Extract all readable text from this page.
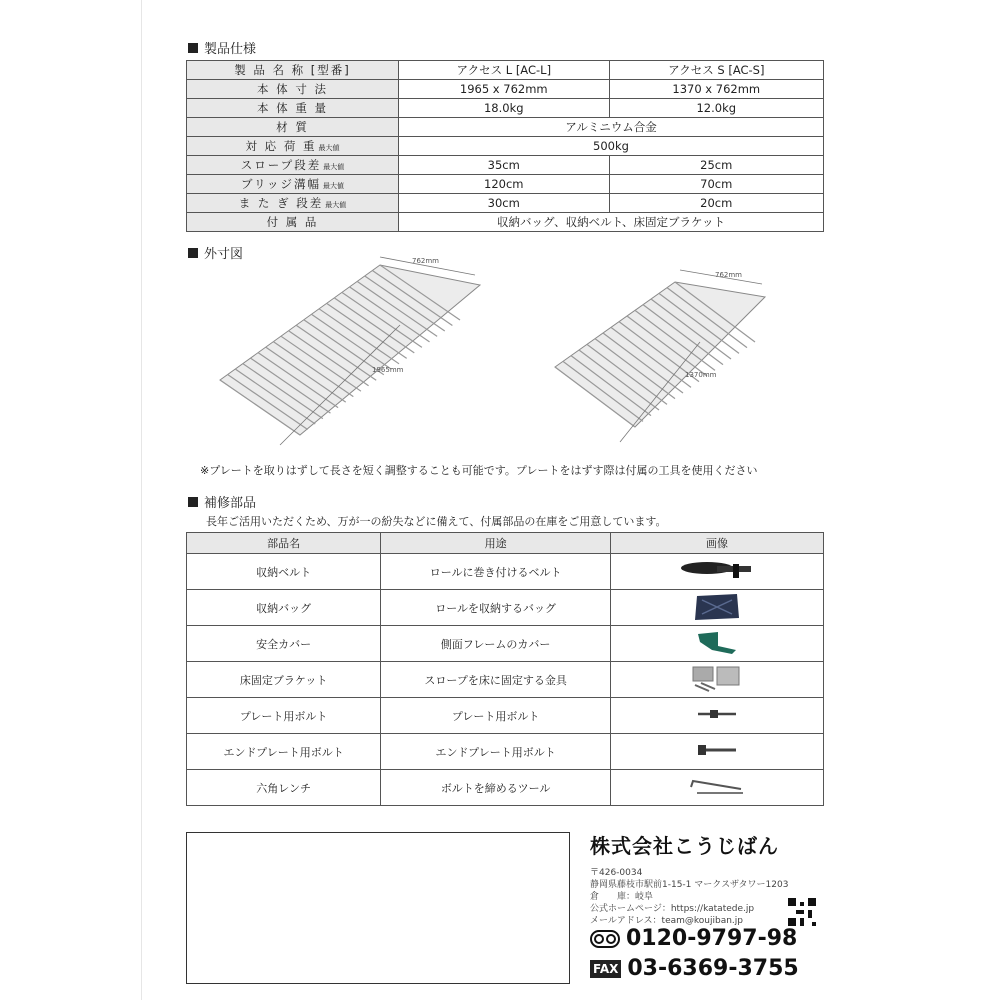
製品仕様
製 品 名 称 [型番]	アクセス L [AC-L]	アクセス S [AC-S]
本 体 寸 法	1965 x 762mm	1370 x 762mm
本 体 重 量	18.0kg	12.0kg
材 質	アルミニウム合金	
対 応 荷 重 最大値	500kg	
スロープ段差 最大値	35cm	25cm
ブリッジ溝幅 最大値	120cm	70cm
ま た ぎ 段差 最大値	30cm	20cm
付 属 品	収納バッグ、収納ベルト、床固定ブラケット	
外寸図	762mm
1965mm
762mm
1370mm
※プレートを取りはずして長さを短く調整することも可能です。プレートをはずす際は付属の工具を使用ください
補修部品
長年ご活用いただくため、万が一の紛失などに備えて、付属部品の在庫をご用意しています。
部品名	用途	画像
収納ベルト	ロールに巻き付けるベルト	
収納バッグ	ロールを収納するバッグ	
安全カバー	側面フレームのカバー	
床固定ブラケット	スロープを床に固定する金具	
プレート用ボルト	プレート用ボルト	
エンドプレート用ボルト	エンドプレート用ボルト	
六角レンチ	ボルトを締めるツール	
株式会社こうじばん
〒426-0034
静岡県藤枝市駅前1-15-1 マークスザタワー1203
倉　　庫：岐阜
公式ホームページ：https://katatede.jp
メールアドレス：team@koujiban.jp
0120-9797-98
FAX 03-6369-3755
